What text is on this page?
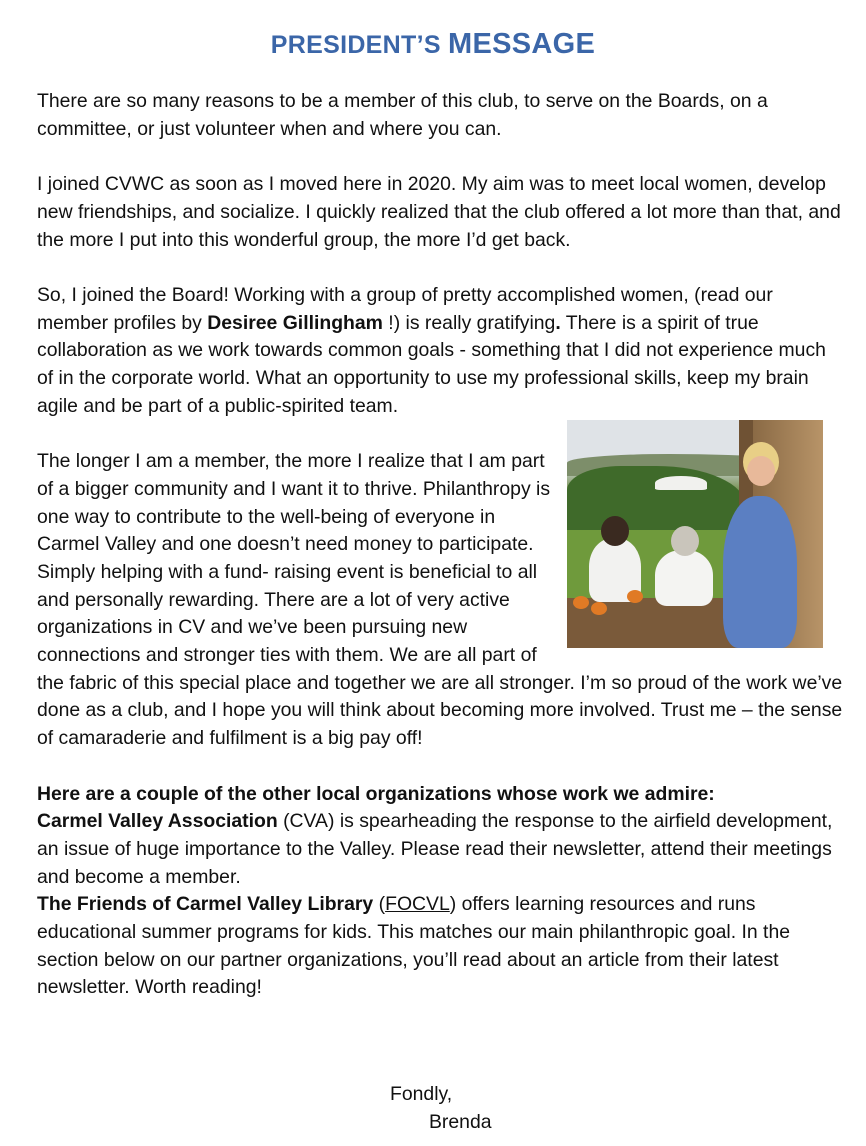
PRESIDENT’S MESSAGE

There are so many reasons to be a member of this club, to serve on the Boards, on a committee, or just volunteer when and where you can.

I joined CVWC as soon as I moved here in 2020. My aim was to meet local women, develop new friendships, and socialize. I quickly realized that the club offered a lot more than that, and the more I put into this wonderful group, the more I’d get back.

So, I joined the Board! Working with a group of pretty accomplished women, (read our member profiles by Desiree Gillingham !) is really gratifying. There is a spirit of true collaboration as we work towards common goals - something that I did not experience much of in the corporate world. What an opportunity to use my professional skills, keep my brain agile and be part of a public-spirited team.

The longer I am a member, the more I realize that I am part of a bigger community and I want it to thrive. Philanthropy is one way to contribute to the well-being of everyone in Carmel Valley and one doesn’t need money to participate. Simply helping with a fund- raising event is beneficial to all and personally rewarding. There are a lot of very active organizations in CV and we’ve been pursuing new connections and stronger ties with them. We are all part of the fabric of this special place and together we are all stronger. I’m so proud of the work we’ve done as a club, and I hope you will think about becoming more involved. Trust me – the sense of camaraderie and fulfilment is a big pay off!

Here are a couple of the other local organizations whose work we admire:
Carmel Valley Association (CVA) is spearheading the response to the airfield development, an issue of huge importance to the Valley. Please read their newsletter, attend their meetings and become a member.
The Friends of Carmel Valley Library (FOCVL) offers learning resources and runs educational summer programs for kids. This matches our main philanthropic goal. In the section below on our partner organizations, you’ll read about an article from their latest newsletter. Worth reading!

Fondly,
Brenda
